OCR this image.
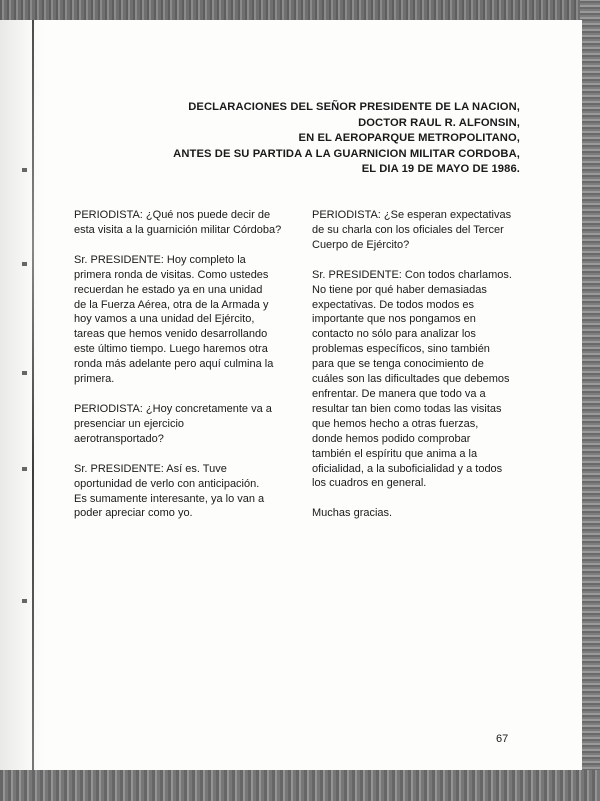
DECLARACIONES DEL SEÑOR PRESIDENTE DE LA NACION,
DOCTOR RAUL R. ALFONSIN,
EN EL AEROPARQUE METROPOLITANO,
ANTES DE SU PARTIDA A LA GUARNICION MILITAR CORDOBA,
EL DIA 19 DE MAYO DE 1986.
PERIODISTA: ¿Qué nos puede decir de
esta visita a la guarnición militar Córdoba?
Sr. PRESIDENTE: Hoy completo la
primera ronda de visitas. Como ustedes
recuerdan he estado ya en una unidad
de la Fuerza Aérea, otra de la Armada y
hoy vamos a una unidad del Ejército,
tareas que hemos venido desarrollando
este último tiempo. Luego haremos otra
ronda más adelante pero aquí culmina la
primera.
PERIODISTA: ¿Hoy concretamente va a
presenciar un ejercicio
aerotransportado?
Sr. PRESIDENTE: Así es. Tuve
oportunidad de verlo con anticipación.
Es sumamente interesante, ya lo van a
poder apreciar como yo.
PERIODISTA: ¿Se esperan expectativas
de su charla con los oficiales del Tercer
Cuerpo de Ejército?
Sr. PRESIDENTE: Con todos charlamos.
No tiene por qué haber demasiadas
expectativas. De todos modos es
importante que nos pongamos en
contacto no sólo para analizar los
problemas específicos, sino también
para que se tenga conocimiento de
cuáles son las dificultades que debemos
enfrentar. De manera que todo va a
resultar tan bien como todas las visitas
que hemos hecho a otras fuerzas,
donde hemos podido comprobar
también el espíritu que anima a la
oficialidad, a la suboficialidad y a todos
los cuadros en general.
Muchas gracias.
67
